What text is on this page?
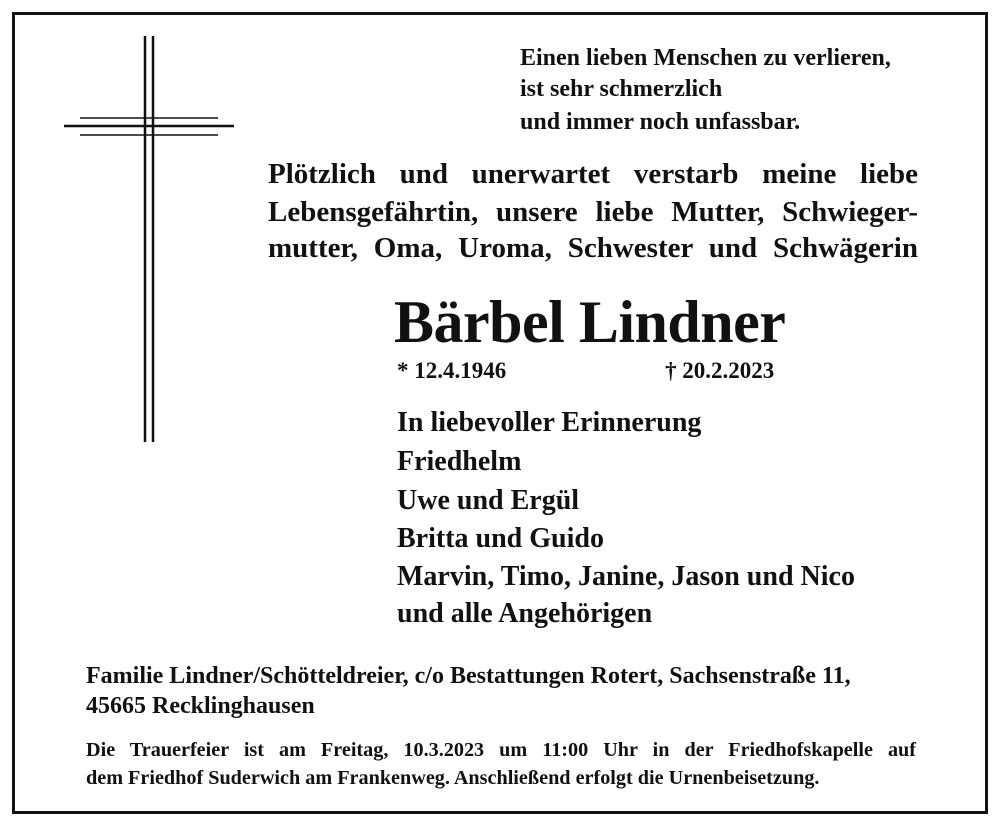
Einen lieben Menschen zu verlieren,
ist sehr schmerzlich
und immer noch unfassbar.
Plötzlich und unerwartet verstarb meine liebe
Lebensgefährtin, unsere liebe Mutter, Schwieger-
mutter, Oma, Uroma, Schwester und Schwägerin
Bärbel Lindner
* 12.4.1946	† 20.2.2023
In liebevoller Erinnerung
Friedhelm
Uwe und Ergül
Britta und Guido
Marvin, Timo, Janine, Jason und Nico
und alle Angehörigen
Familie Lindner/Schötteldreier, c/o Bestattungen Rotert, Sachsenstraße 11,
45665 Recklinghausen
Die Trauerfeier ist am Freitag, 10.3.2023 um 11:00 Uhr in der Friedhofskapelle auf
dem Friedhof Suderwich am Frankenweg. Anschließend erfolgt die Urnenbeisetzung.
